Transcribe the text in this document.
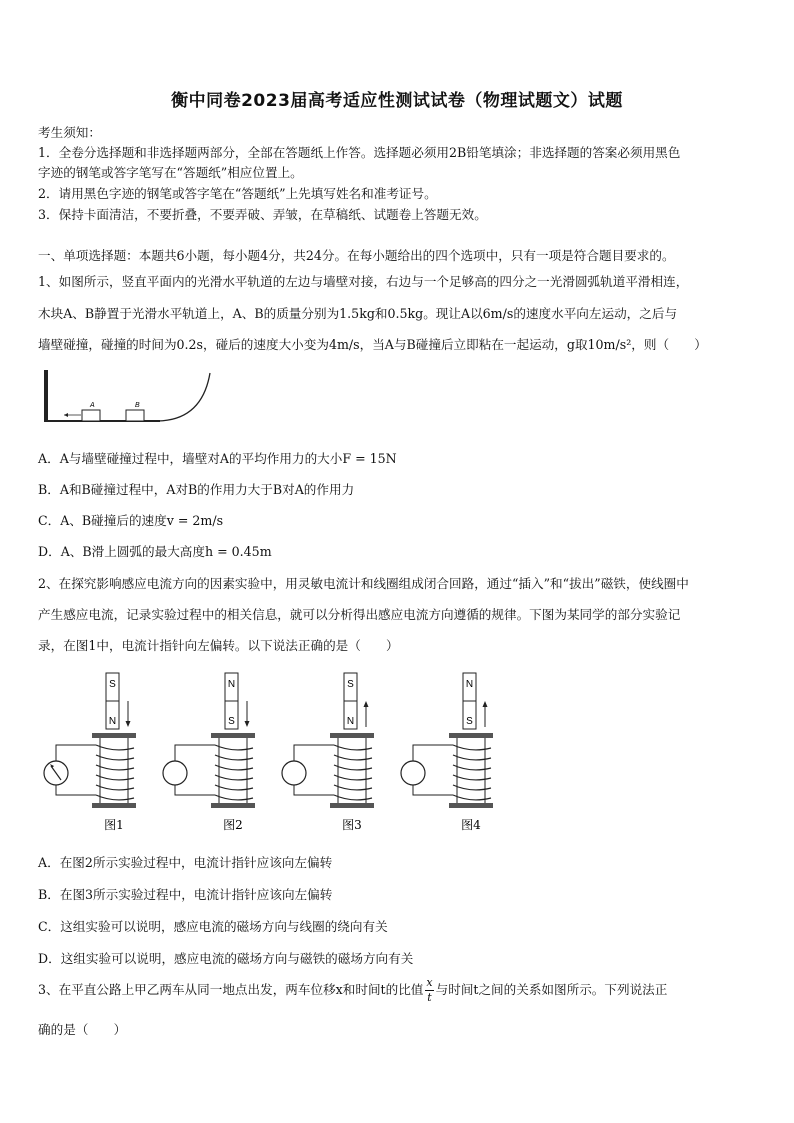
衡中同卷2023届高考适应性测试试卷（物理试题文）试题
考生须知：
1．全卷分选择题和非选择题两部分，全部在答题纸上作答。选择题必须用2B铅笔填涂；非选择题的答案必须用黑色
字迹的钢笔或答字笔写在“答题纸”相应位置上。
2．请用黑色字迹的钢笔或答字笔在“答题纸”上先填写姓名和准考证号。
3．保持卡面清洁，不要折叠，不要弄破、弄皱，在草稿纸、试题卷上答题无效。
一、单项选择题：本题共6小题，每小题4分，共24分。在每小题给出的四个选项中，只有一项是符合题目要求的。
1、如图所示，竖直平面内的光滑水平轨道的左边与墙壁对接，右边与一个足够高的四分之一光滑圆弧轨道平滑相连，
木块A、B静置于光滑水平轨道上，A、B的质量分别为1.5kg和0.5kg。现让A以6m/s的速度水平向左运动，之后与
墙壁碰撞，碰撞的时间为0.2s，碰后的速度大小变为4m/s，当A与B碰撞后立即粘在一起运动，g取10m/s²，则（　　）
A	B
A．A与墙壁碰撞过程中，墙壁对A的平均作用力的大小F = 15N
B．A和B碰撞过程中，A对B的作用力大于B对A的作用力
C．A、B碰撞后的速度v = 2m/s
D．A、B滑上圆弧的最大高度h = 0.45m
2、在探究影响感应电流方向的因素实验中，用灵敏电流计和线圈组成闭合回路，通过“插入”和“拔出”磁铁，使线圈中
产生感应电流，记录实验过程中的相关信息，就可以分析得出感应电流方向遵循的规律。下图为某同学的部分实验记
录，在图1中，电流计指针向左偏转。以下说法正确的是（　　）
S
N
图1
N
S
图2
S
N
图3
N
S
图4
A．在图2所示实验过程中，电流计指针应该向左偏转
B．在图3所示实验过程中，电流计指针应该向左偏转
C．这组实验可以说明，感应电流的磁场方向与线圈的绕向有关
D．这组实验可以说明，感应电流的磁场方向与磁铁的磁场方向有关
3、在平直公路上甲乙两车从同一地点出发，两车位移x和时间t的比值 $\frac{x}{t}$ 与时间t之间的关系如图所示。下列说法正
确的是（　　）
